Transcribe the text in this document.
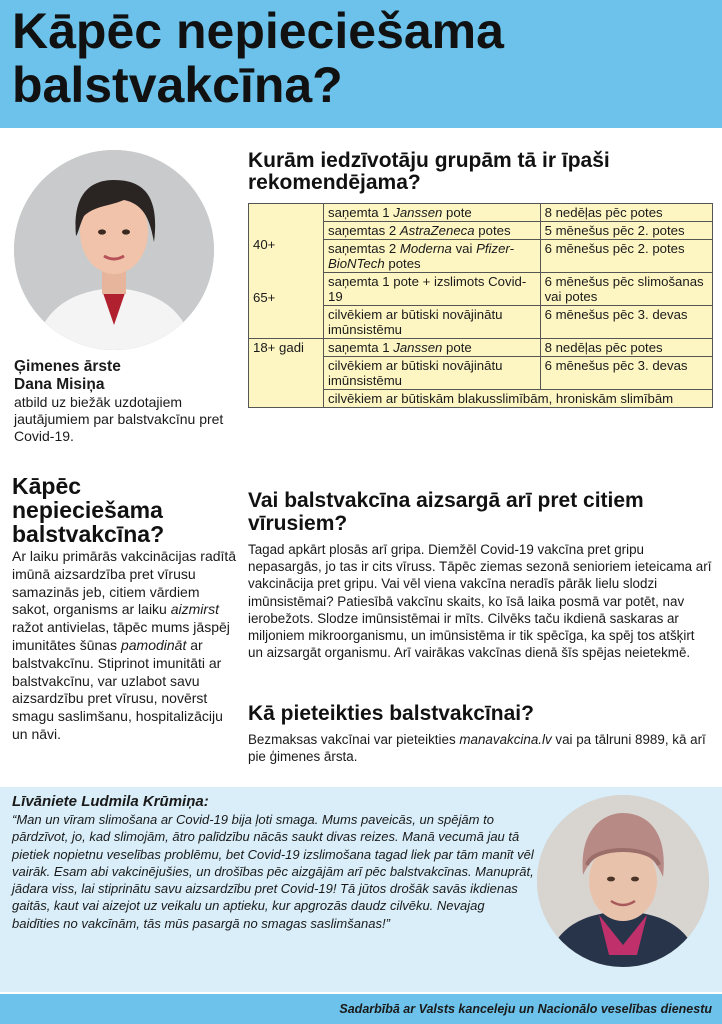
Kāpēc nepieciešama balstvakcīna?
Ģimenes ārste
Dana Misiņa
atbild uz biežāk uzdotajiem jautājumiem par balstvakcīnu pret Covid-19.
Kāpēc nepieciešama balstvakcīna?
Ar laiku primārās vakcinācijas radītā imūnā aizsardzība pret vīrusu samazinās jeb, citiem vārdiem sakot, organisms ar laiku aizmirst ražot antivielas, tāpēc mums jāspēj imunitātes šūnas pamodināt ar balstvakcīnu. Stiprinot imunitāti ar balstvakcīnu, var uzlabot savu aizsardzību pret vīrusu, novērst smagu saslimšanu, hospitalizāciju un nāvi.
Kurām iedzīvotāju grupām tā ir īpaši rekomendējama?
40+
65+	saņemta 1 Janssen pote	8 nedēļas pēc potes
	saņemtas 2 AstraZeneca potes	5 mēnešus pēc 2. potes
	saņemtas 2 Moderna vai Pfizer-BioNTech potes	6 mēnešus pēc 2. potes
	saņemta 1 pote + izslimots Covid-19	6 mēnešus pēc slimošanas vai potes
	cilvēkiem ar būtiski novājinātu imūnsistēmu	6 mēnešus pēc 3. devas
18+ gadi	saņemta 1 Janssen pote	8 nedēļas pēc potes
	cilvēkiem ar būtiski novājinātu imūnsistēmu	6 mēnešus pēc 3. devas
	cilvēkiem ar būtiskām blakusslimībām, hroniskām slimībām	
Vai balstvakcīna aizsargā arī pret citiem vīrusiem?
Tagad apkārt plosās arī gripa. Diemžēl Covid-19 vakcīna pret gripu nepasargās, jo tas ir cits vīruss. Tāpēc ziemas sezonā senioriem ieteicama arī vakcinācija pret gripu. Vai vēl viena vakcīna neradīs pārāk lielu slodzi imūnsistēmai? Patiesībā vakcīnu skaits, ko īsā laika posmā var potēt, nav ierobežots. Slodze imūnsistēmai ir mīts. Cilvēks taču ikdienā saskaras ar miljoniem mikroorganismu, un imūnsistēma ir tik spēcīga, ka spēj tos atšķirt un aizsargāt organismu. Arī vairākas vakcīnas dienā šīs spējas neietekmē.
Kā pieteikties balstvakcīnai?
Bezmaksas vakcīnai var pieteikties manavakcina.lv vai pa tālruni 8989, kā arī pie ģimenes ārsta.
Līvāniete Ludmila Krūmiņa:
“Man un vīram slimošana ar Covid-19 bija ļoti smaga. Mums paveicās, un spējām to pārdzīvot, jo, kad slimojām, ātro palīdzību nācās saukt divas reizes. Manā vecumā jau tā pietiek nopietnu veselības problēmu, bet Covid-19 izslimošana tagad liek par tām manīt vēl vairāk. Esam abi vakcinējušies, un drošības pēc aizgājām arī pēc balstvakcīnas. Manuprāt, jādara viss, lai stiprinātu savu aizsardzību pret Covid-19! Tā jūtos drošāk savās ikdienas gaitās, kaut vai aizejot uz veikalu un aptieku, kur apgrozās daudz cilvēku. Nevajag baidīties no vakcīnām, tās mūs pasargā no smagas saslimšanas!”
Sadarbībā ar Valsts kanceleju un Nacionālo veselības dienestu
